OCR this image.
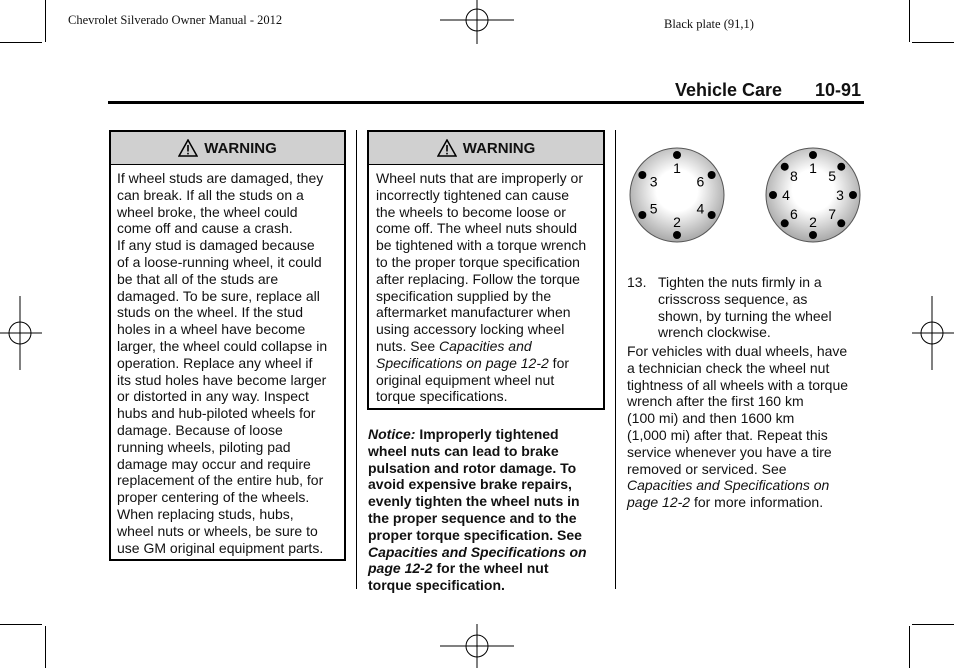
Chevrolet Silverado Owner Manual - 2012	Black plate (91,1)
Vehicle Care 10-91
WARNING
If wheel studs are damaged, they
can break. If all the studs on a
wheel broke, the wheel could
come off and cause a crash.
If any stud is damaged because
of a loose-running wheel, it could
be that all of the studs are
damaged. To be sure, replace all
studs on the wheel. If the stud
holes in a wheel have become
larger, the wheel could collapse in
operation. Replace any wheel if
its stud holes have become larger
or distorted in any way. Inspect
hubs and hub-piloted wheels for
damage. Because of loose
running wheels, piloting pad
damage may occur and require
replacement of the entire hub, for
proper centering of the wheels.
When replacing studs, hubs,
wheel nuts or wheels, be sure to
use GM original equipment parts.
WARNING
Wheel nuts that are improperly or
incorrectly tightened can cause
the wheels to become loose or
come off. The wheel nuts should
be tightened with a torque wrench
to the proper torque specification
after replacing. Follow the torque
specification supplied by the
aftermarket manufacturer when
using accessory locking wheel
nuts. See Capacities and
Specifications on page 12-2 for
original equipment wheel nut
torque specifications.
Notice: Improperly tightened
wheel nuts can lead to brake
pulsation and rotor damage. To
avoid expensive brake repairs,
evenly tighten the wheel nuts in
the proper sequence and to the
proper torque specification. See
Capacities and Specifications on
page 12-2 for the wheel nut
torque specification.
1
6
4
2
5
3
1 5
3
7
2
6
4
8
13. Tighten the nuts firmly in a
crisscross sequence, as
shown, by turning the wheel
wrench clockwise.
For vehicles with dual wheels, have
a technician check the wheel nut
tightness of all wheels with a torque
wrench after the first 160 km
(100 mi) and then 1600 km
(1,000 mi) after that. Repeat this
service whenever you have a tire
removed or serviced. See
Capacities and Specifications on
page 12-2 for more information.
